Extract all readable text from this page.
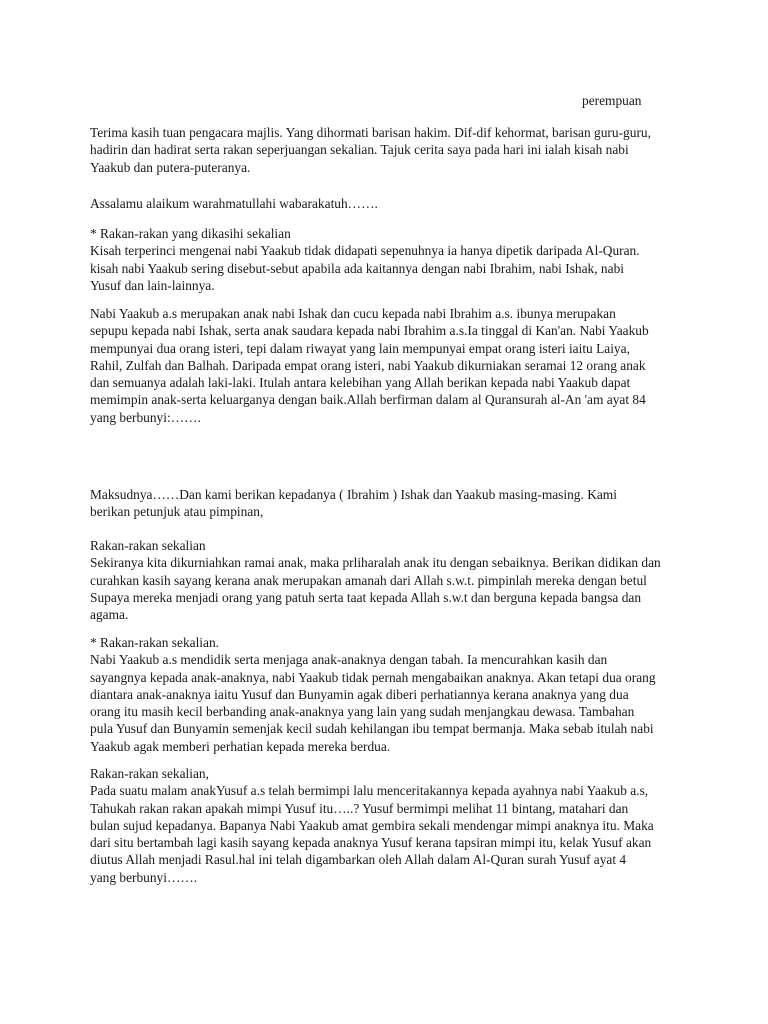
perempuan

Terima kasih tuan pengacara majlis. Yang dihormati barisan hakim. Dif-dif kehormat, barisan guru-guru,
hadirin dan hadirat serta rakan seperjuangan sekalian. Tajuk cerita saya pada hari ini ialah kisah nabi
Yaakub dan putera-puteranya.

Assalamu alaikum warahmatullahi wabarakatuh…….

* Rakan-rakan yang dikasihi sekalian
Kisah terperinci mengenai nabi Yaakub tidak didapati sepenuhnya ia hanya dipetik daripada Al-Quran.
kisah nabi Yaakub sering disebut-sebut apabila ada kaitannya dengan nabi Ibrahim, nabi Ishak, nabi
Yusuf dan lain-lainnya.

Nabi Yaakub a.s merupakan anak nabi Ishak dan cucu kepada nabi Ibrahim a.s. ibunya merupakan
sepupu kepada nabi Ishak, serta anak saudara kepada nabi Ibrahim a.s.Ia tinggal di Kan'an. Nabi Yaakub
mempunyai dua orang isteri, tepi dalam riwayat yang lain mempunyai empat orang isteri iaitu Laiya,
Rahil, Zulfah dan Balhah. Daripada empat orang isteri, nabi Yaakub dikurniakan seramai 12 orang anak
dan semuanya adalah laki-laki. Itulah antara kelebihan yang Allah berikan kepada nabi Yaakub dapat
memimpin anak-serta keluarganya dengan baik.Allah berfirman dalam al Quransurah al-An 'am ayat 84
yang berbunyi:…….

Maksudnya……Dan kami berikan kepadanya ( Ibrahim ) Ishak dan Yaakub masing-masing. Kami
berikan petunjuk atau pimpinan,

Rakan-rakan sekalian
Sekiranya kita dikurniahkan ramai anak, maka prliharalah anak itu dengan sebaiknya. Berikan didikan dan
curahkan kasih sayang kerana anak merupakan amanah dari Allah s.w.t. pimpinlah mereka dengan betul
Supaya mereka menjadi orang yang patuh serta taat kepada Allah s.w.t dan berguna kepada bangsa dan
agama.

* Rakan-rakan sekalian.
Nabi Yaakub a.s mendidik serta menjaga anak-anaknya dengan tabah. Ia mencurahkan kasih dan
sayangnya kepada anak-anaknya, nabi Yaakub tidak pernah mengabaikan anaknya. Akan tetapi dua orang
diantara anak-anaknya iaitu Yusuf dan Bunyamin agak diberi perhatiannya kerana anaknya yang dua
orang itu masih kecil berbanding anak-anaknya yang lain yang sudah menjangkau dewasa. Tambahan
pula Yusuf dan Bunyamin semenjak kecil sudah kehilangan ibu tempat bermanja. Maka sebab itulah nabi
Yaakub agak memberi perhatian kepada mereka berdua.

Rakan-rakan sekalian,
Pada suatu malam anakYusuf a.s telah bermimpi lalu menceritakannya kepada ayahnya nabi Yaakub a.s,
Tahukah rakan rakan apakah mimpi Yusuf itu…..? Yusuf bermimpi melihat 11 bintang, matahari dan
bulan sujud kepadanya. Bapanya Nabi Yaakub amat gembira sekali mendengar mimpi anaknya itu. Maka
dari situ bertambah lagi kasih sayang kepada anaknya Yusuf kerana tapsiran mimpi itu, kelak Yusuf akan
diutus Allah menjadi Rasul.hal ini telah digambarkan oleh Allah dalam Al-Quran surah Yusuf ayat 4
yang berbunyi…….
